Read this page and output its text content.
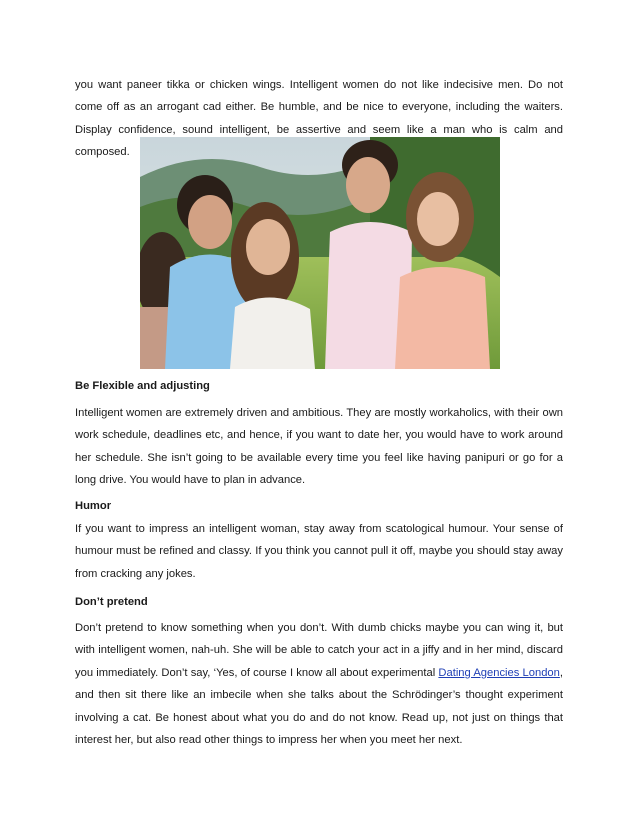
you want paneer tikka or chicken wings. Intelligent women do not like indecisive men. Do not come off as an arrogant cad either. Be humble, and be nice to everyone, including the waiters. Display confidence, sound intelligent, be assertive and seem like a man who is calm and composed.

Be Flexible and adjusting

Intelligent women are extremely driven and ambitious. They are mostly workaholics, with their own work schedule, deadlines etc, and hence, if you want to date her, you would have to work around her schedule. She isn’t going to be available every time you feel like having panipuri or go for a long drive. You would have to plan in advance.

Humor

If you want to impress an intelligent woman, stay away from scatological humour. Your sense of humour must be refined and classy. If you think you cannot pull it off, maybe you should stay away from cracking any jokes.

Don’t pretend

Don’t pretend to know something when you don’t. With dumb chicks maybe you can wing it, but with intelligent women, nah-uh. She will be able to catch your act in a jiffy and in her mind, discard you immediately. Don’t say, ‘Yes, of course I know all about experimental Dating Agencies London, and then sit there like an imbecile when she talks about the Schrödinger’s thought experiment involving a cat. Be honest about what you do and do not know. Read up, not just on things that interest her, but also read other things to impress her when you meet her next.
